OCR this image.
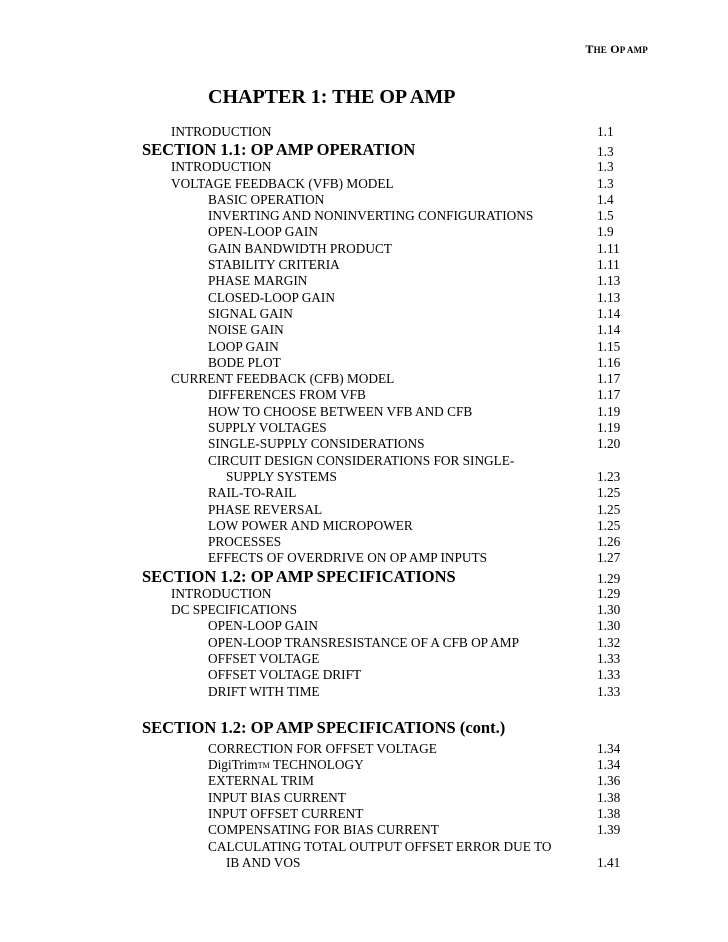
THE OP AMP
CHAPTER 1: THE OP AMP
INTRODUCTION	1.1
SECTION 1.1: OP AMP OPERATION	1.3
INTRODUCTION	1.3
VOLTAGE FEEDBACK (VFB) MODEL	1.3
BASIC OPERATION	1.4
INVERTING AND NONINVERTING CONFIGURATIONS	1.5
OPEN-LOOP GAIN	1.9
GAIN BANDWIDTH PRODUCT	1.11
STABILITY CRITERIA	1.11
PHASE MARGIN	1.13
CLOSED-LOOP GAIN	1.13
SIGNAL GAIN	1.14
NOISE GAIN	1.14
LOOP GAIN	1.15
BODE PLOT	1.16
CURRENT FEEDBACK (CFB) MODEL	1.17
DIFFERENCES FROM VFB	1.17
HOW TO CHOOSE BETWEEN VFB AND CFB	1.19
SUPPLY VOLTAGES	1.19
SINGLE-SUPPLY CONSIDERATIONS	1.20
CIRCUIT DESIGN CONSIDERATIONS FOR SINGLE-
SUPPLY SYSTEMS	1.23
RAIL-TO-RAIL	1.25
PHASE REVERSAL	1.25
LOW POWER AND MICROPOWER	1.25
PROCESSES	1.26
EFFECTS OF OVERDRIVE ON OP AMP INPUTS	1.27
SECTION 1.2: OP AMP SPECIFICATIONS	1.29
INTRODUCTION	1.29
DC SPECIFICATIONS	1.30
OPEN-LOOP GAIN	1.30
OPEN-LOOP TRANSRESISTANCE OF A CFB OP AMP	1.32
OFFSET VOLTAGE	1.33
OFFSET VOLTAGE DRIFT	1.33
DRIFT WITH TIME	1.33
SECTION 1.2: OP AMP SPECIFICATIONS (cont.)
CORRECTION FOR OFFSET VOLTAGE	1.34
DigiTrimTM TECHNOLOGY	1.34
EXTERNAL TRIM	1.36
INPUT BIAS CURRENT	1.38
INPUT OFFSET CURRENT	1.38
COMPENSATING FOR BIAS CURRENT	1.39
CALCULATING TOTAL OUTPUT OFFSET ERROR DUE TO
IB AND VOS	1.41
